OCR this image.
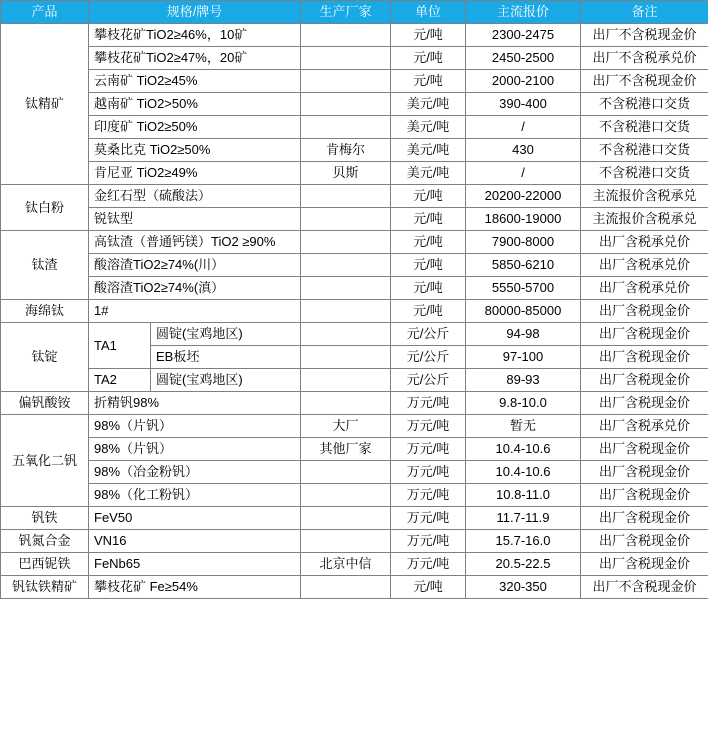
产品	规格/牌号		生产厂家	单位	主流报价	备注
钛精矿	攀枝花矿TiO2≥46%，10矿			元/吨	2300-2475	出厂不含税现金价
	攀枝花矿TiO2≥47%，20矿			元/吨	2450-2500	出厂不含税承兑价
	云南矿 TiO2≥45%			元/吨	2000-2100	出厂不含税现金价
	越南矿 TiO2>50%			美元/吨	390-400	不含税港口交货
	印度矿 TiO2≥50%			美元/吨	/	不含税港口交货
	莫桑比克 TiO2≥50%		肯梅尔	美元/吨	430	不含税港口交货
	肯尼亚 TiO2≥49%		贝斯	美元/吨	/	不含税港口交货
钛白粉	金红石型（硫酸法）			元/吨	20200-22000	主流报价含税承兑
	锐钛型			元/吨	18600-19000	主流报价含税承兑
钛渣	高钛渣（普通钙镁）TiO2 ≥90%			元/吨	7900-8000	出厂含税承兑价
	酸溶渣TiO2≥74%(川）			元/吨	5850-6210	出厂含税承兑价
	酸溶渣TiO2≥74%(滇）			元/吨	5550-5700	出厂含税承兑价
海绵钛	1#			元/吨	80000-85000	出厂含税现金价
钛锭	TA1	圆锭(宝鸡地区)		元/公斤	94-98	出厂含税现金价
		EB板坯		元/公斤	97-100	出厂含税现金价
	TA2	圆锭(宝鸡地区)		元/公斤	89-93	出厂含税现金价
偏钒酸铵	折精钒98%			万元/吨	9.8-10.0	出厂含税现金价
五氧化二钒	98%（片钒）		大厂	万元/吨	暂无	出厂含税承兑价
	98%（片钒）		其他厂家	万元/吨	10.4-10.6	出厂含税现金价
	98%（冶金粉钒）			万元/吨	10.4-10.6	出厂含税现金价
	98%（化工粉钒）			万元/吨	10.8-11.0	出厂含税现金价
钒铁	FeV50			万元/吨	11.7-11.9	出厂含税现金价
钒氮合金	VN16			万元/吨	15.7-16.0	出厂含税现金价
巴西铌铁	FeNb65		北京中信	万元/吨	20.5-22.5	出厂含税现金价
钒钛铁精矿	攀枝花矿 Fe≥54%			元/吨	320-350	出厂不含税现金价
